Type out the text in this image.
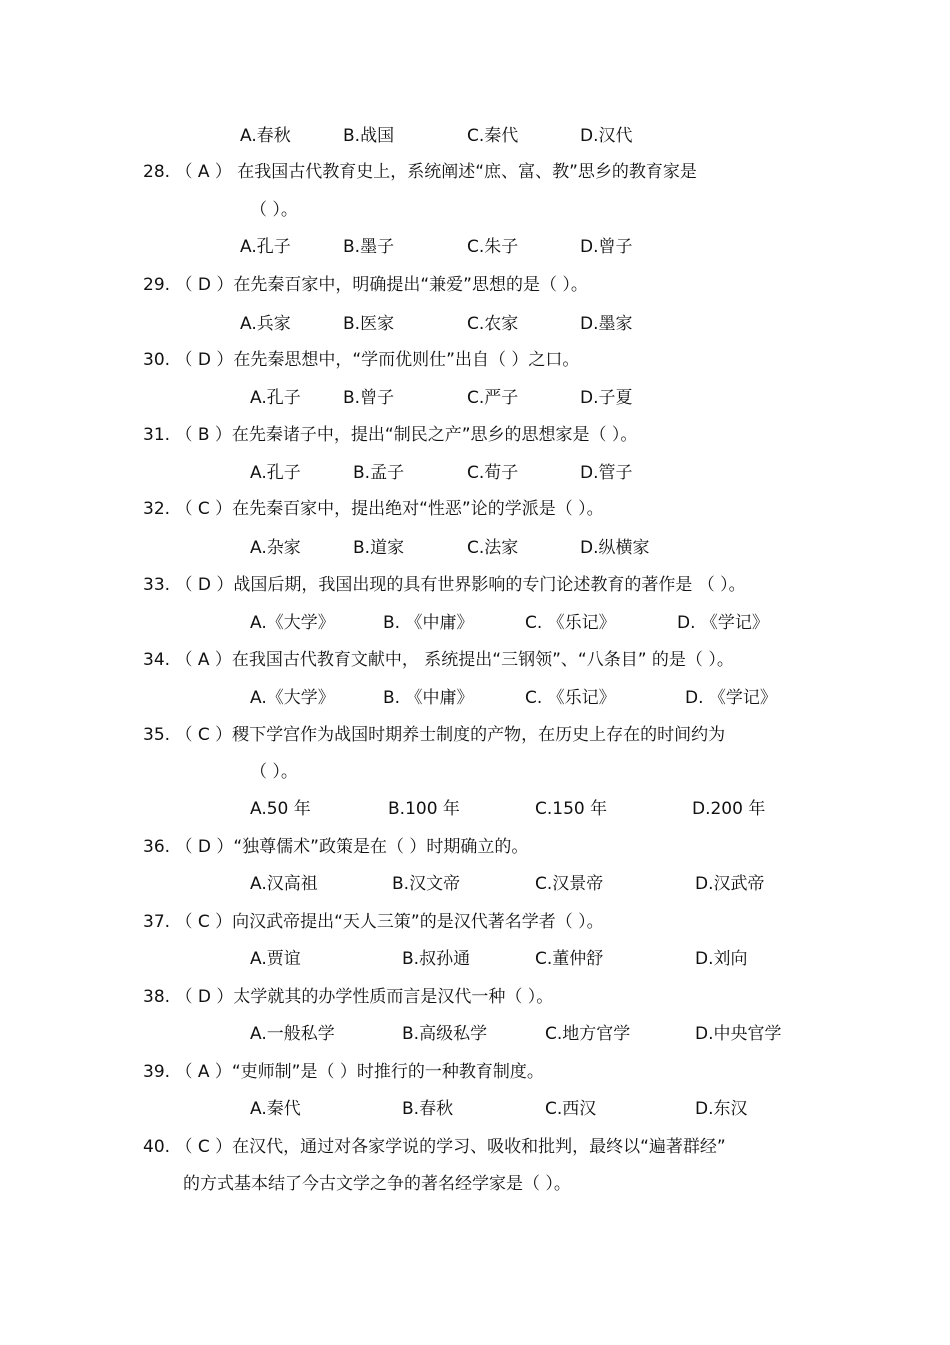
A.春秋	B.战国	C.秦代	D.汉代
28. （ A ） 在我国古代教育史上，系统阐述“庶、富、教”思乡的教育家是
（ ）。
A.孔子	B.墨子	C.朱子	D.曾子
29. （ D ）在先秦百家中，明确提出“兼爱”思想的是（ ）。
A.兵家	B.医家	C.农家	D.墨家
30. （ D ）在先秦思想中，“学而优则仕”出自（ ）之口。
A.孔子 B.曾子	C.严子	D.子夏
31. （ B ）在先秦诸子中，提出“制民之产”思乡的思想家是（ ）。
A.孔子	B.孟子	C.荀子	D.管子
32. （ C ）在先秦百家中，提出绝对“性恶”论的学派是（ ）。
A.杂家	B.道家	C.法家	D.纵横家
33. （ D ）战国后期，我国出现的具有世界影响的专门论述教育的著作是 （ ）。
A.《大学》	B. 《中庸》	C. 《乐记》	D. 《学记》
34. （ A ）在我国古代教育文献中， 系统提出“三钢领”、“八条目” 的是（ ）。
A.《大学》	B. 《中庸》	C. 《乐记》	D. 《学记》
35. （ C ）稷下学宫作为战国时期养士制度的产物，在历史上存在的时间约为
（ ）。
A.50 年	B.100 年	C.150 年	D.200 年
36. （ D ）“独尊儒术”政策是在（ ）时期确立的。
A.汉高祖	B.汉文帝	C.汉景帝	D.汉武帝
37. （ C ）向汉武帝提出“天人三策”的是汉代著名学者（ ）。
A.贾谊	B.叔孙通	C.董仲舒	D.刘向
38. （ D ）太学就其的办学性质而言是汉代一种（ ）。
A.一般私学	B.高级私学	C.地方官学	D.中央官学
39. （ A ）“吏师制”是（ ）时推行的一种教育制度。
A.秦代	B.春秋	C.西汉	D.东汉
40. （ C ）在汉代，通过对各家学说的学习、吸收和批判，最终以“遍著群经”
的方式基本结了今古文学之争的著名经学家是（ ）。
